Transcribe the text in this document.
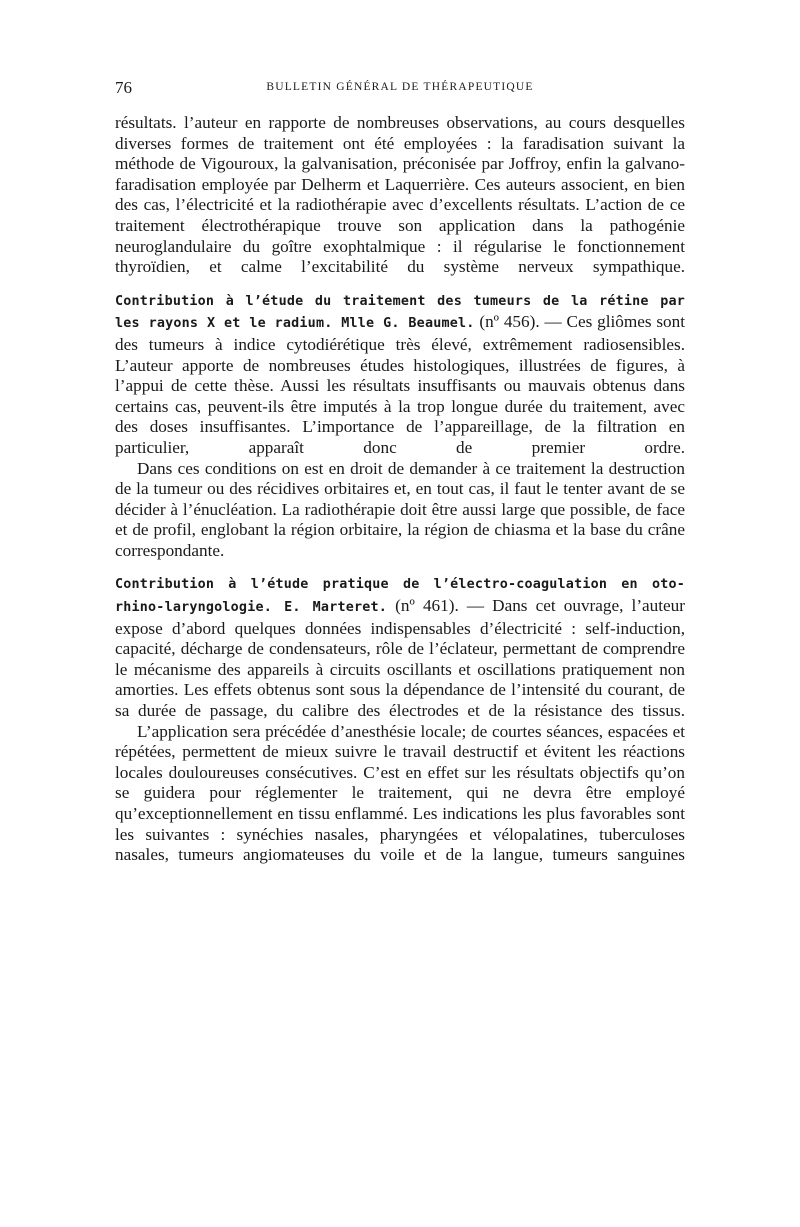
76	BULLETIN GÉNÉRAL DE THÉRAPEUTIQUE

résultats. l’auteur en rapporte de nombreuses observations, au cours desquelles diverses formes de traitement ont été employées : la faradisation suivant la méthode de Vigouroux, la galvanisation, préconisée par Joffroy, enfin la galvano-faradisation employée par Delherm et Laquerrière. Ces auteurs associent, en bien des cas, l’électricité et la radiothérapie avec d’excellents résultats. L’action de ce traitement électrothérapique trouve son application dans la pathogénie neuroglandulaire du goître exophtalmique : il régularise le fonctionnement thyroïdien, et calme l’excitabilité du système nerveux sympathique.

Contribution à l’étude du traitement des tumeurs de la rétine par les rayons X et le radium. Mlle G. Beaumel. (nº 456). — Ces gliômes sont des tumeurs à indice cytodiérétique très élevé, extrêmement radiosensibles. L’auteur apporte de nombreuses études histologiques, illustrées de figures, à l’appui de cette thèse. Aussi les résultats insuffisants ou mauvais obtenus dans certains cas, peuvent-ils être imputés à la trop longue durée du traitement, avec des doses insuffisantes. L’importance de l’appareillage, de la filtration en particulier, apparaît donc de premier ordre.

Dans ces conditions on est en droit de demander à ce traitement la destruction de la tumeur ou des récidives orbitaires et, en tout cas, il faut le tenter avant de se décider à l’énucléation. La radiothérapie doit être aussi large que possible, de face et de profil, englobant la région orbitaire, la région de chiasma et la base du crâne correspondante.

Contribution à l’étude pratique de l’électro-coagulation en oto-rhino-laryngologie. E. Marteret. (nº 461). — Dans cet ouvrage, l’auteur expose d’abord quelques données indispensables d’électricité : self-induction, capacité, décharge de condensateurs, rôle de l’éclateur, permettant de comprendre le mécanisme des appareils à circuits oscillants et oscillations pratiquement non amorties. Les effets obtenus sont sous la dépendance de l’intensité du courant, de sa durée de passage, du calibre des électrodes et de la résistance des tissus.

L’application sera précédée d’anesthésie locale; de courtes séances, espacées et répétées, permettent de mieux suivre le travail destructif et évitent les réactions locales douloureuses consécutives. C’est en effet sur les résultats objectifs qu’on se guidera pour réglementer le traitement, qui ne devra être employé qu’exceptionnellement en tissu enflammé. Les indications les plus favorables sont les suivantes : synéchies nasales, pharyngées et vélopalatines, tuberculoses nasales, tumeurs angiomateuses du voile et de la langue, tumeurs sanguines
